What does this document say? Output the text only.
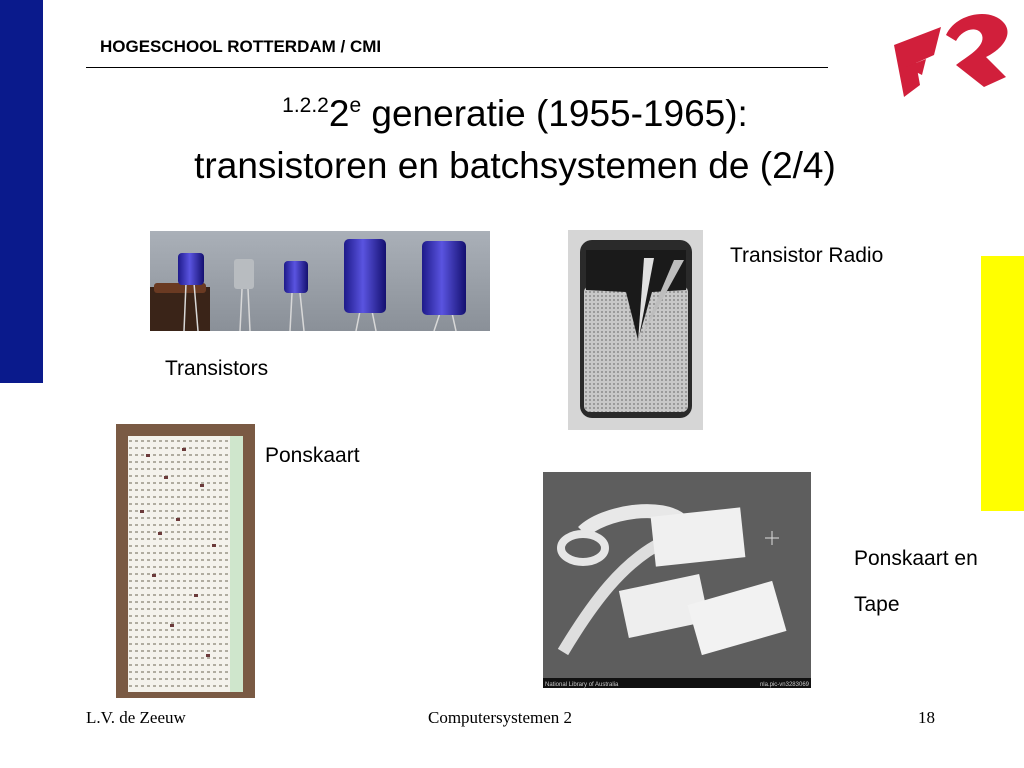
HOGESCHOOL ROTTERDAM / CMI
$^{1.2.2}$2e generatie (1955-1965):
transistoren en batchsystemen de (2/4)
Transistors
Transistor Radio
Ponskaart
National Library of Australia	nla.pic-vn3283069
Ponskaart en
Tape
L.V. de Zeeuw	Computersystemen 2	18
